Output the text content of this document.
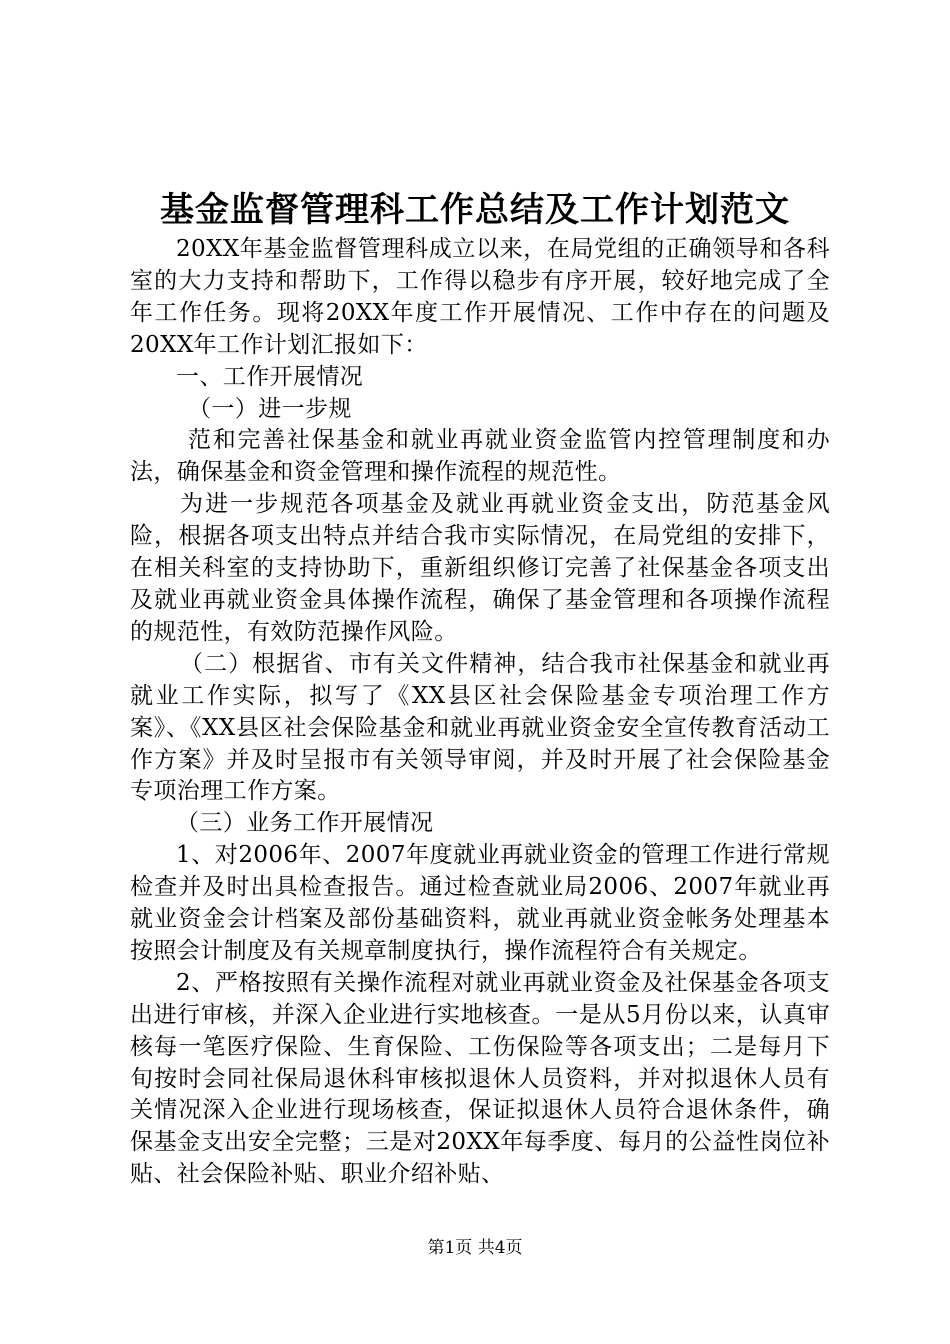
基金监督管理科工作总结及工作计划范文

20XX年基金监督管理科成立以来，在局党组的正确领导和各科室的大力支持和帮助下，工作得以稳步有序开展，较好地完成了全年工作任务。现将20XX年度工作开展情况、工作中存在的问题及20XX年工作计划汇报如下：

一、工作开展情况

（一）进一步规

范和完善社保基金和就业再就业资金监管内控管理制度和办法，确保基金和资金管理和操作流程的规范性。

为进一步规范各项基金及就业再就业资金支出，防范基金风险，根据各项支出特点并结合我市实际情况，在局党组的安排下，在相关科室的支持协助下，重新组织修订完善了社保基金各项支出及就业再就业资金具体操作流程，确保了基金管理和各项操作流程的规范性，有效防范操作风险。

（二）根据省、市有关文件精神，结合我市社保基金和就业再就业工作实际，拟写了《XX县区社会保险基金专项治理工作方案》、《XX县区社会保险基金和就业再就业资金安全宣传教育活动工作方案》并及时呈报市有关领导审阅，并及时开展了社会保险基金专项治理工作方案。

（三）业务工作开展情况

1、对2006年、2007年度就业再就业资金的管理工作进行常规检查并及时出具检查报告。通过检查就业局2006、2007年就业再就业资金会计档案及部份基础资料，就业再就业资金帐务处理基本按照会计制度及有关规章制度执行，操作流程符合有关规定。

2、严格按照有关操作流程对就业再就业资金及社保基金各项支出进行审核，并深入企业进行实地核查。一是从5月份以来，认真审核每一笔医疗保险、生育保险、工伤保险等各项支出；二是每月下旬按时会同社保局退休科审核拟退休人员资料，并对拟退休人员有关情况深入企业进行现场核查，保证拟退休人员符合退休条件，确保基金支出安全完整；三是对20XX年每季度、每月的公益性岗位补贴、社会保险补贴、职业介绍补贴、

第1页 共4页
